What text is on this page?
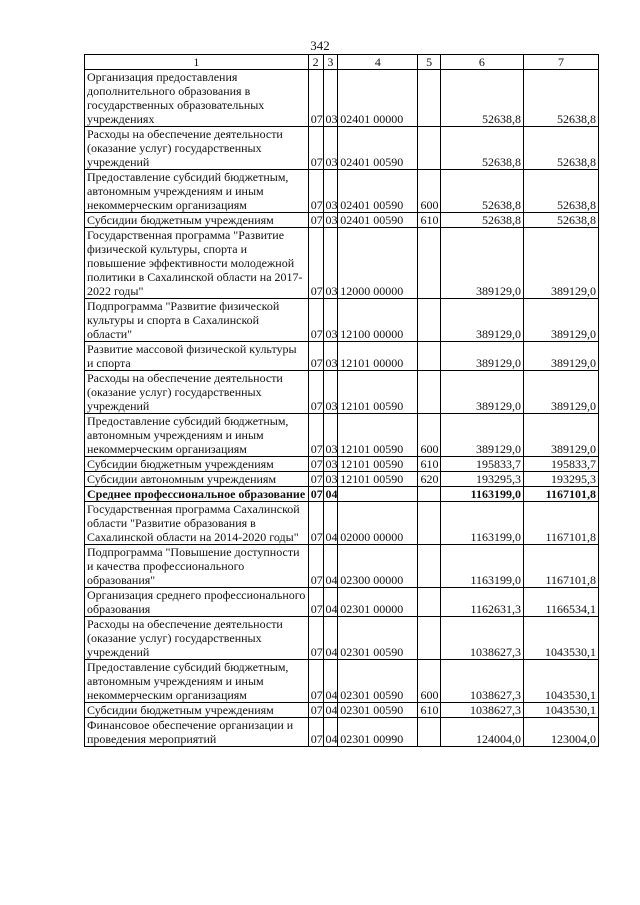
342
1	2	3	4	5	6	7
Организация предоставления дополнительного образования в государственных образовательных учреждениях	07	03	02401 00000		52638,8	52638,8
Расходы на обеспечение деятельности (оказание услуг) государственных учреждений	07	03	02401 00590		52638,8	52638,8
Предоставление субсидий бюджетным, автономным учреждениям и иным некоммерческим организациям	07	03	02401 00590	600	52638,8	52638,8
Субсидии бюджетным учреждениям	07	03	02401 00590	610	52638,8	52638,8
Государственная программа "Развитие физической культуры, спорта и повышение эффективности молодежной политики в Сахалинской области на 2017-2022 годы"	07	03	12000 00000		389129,0	389129,0
Подпрограмма "Развитие физической культуры и спорта в Сахалинской области"	07	03	12100 00000		389129,0	389129,0
Развитие массовой физической культуры и спорта	07	03	12101 00000		389129,0	389129,0
Расходы на обеспечение деятельности (оказание услуг) государственных учреждений	07	03	12101 00590		389129,0	389129,0
Предоставление субсидий бюджетным, автономным учреждениям и иным некоммерческим организациям	07	03	12101 00590	600	389129,0	389129,0
Субсидии бюджетным учреждениям	07	03	12101 00590	610	195833,7	195833,7
Субсидии автономным учреждениям	07	03	12101 00590	620	193295,3	193295,3
Среднее профессиональное образование	07	04			1163199,0	1167101,8
Государственная программа Сахалинской области "Развитие образования в Сахалинской области на 2014-2020 годы"	07	04	02000 00000		1163199,0	1167101,8
Подпрограмма "Повышение доступности и качества профессионального образования"	07	04	02300 00000		1163199,0	1167101,8
Организация среднего профессионального образования	07	04	02301 00000		1162631,3	1166534,1
Расходы на обеспечение деятельности (оказание услуг) государственных учреждений	07	04	02301 00590		1038627,3	1043530,1
Предоставление субсидий бюджетным, автономным учреждениям и иным некоммерческим организациям	07	04	02301 00590	600	1038627,3	1043530,1
Субсидии бюджетным учреждениям	07	04	02301 00590	610	1038627,3	1043530,1
Финансовое обеспечение организации и проведения мероприятий	07	04	02301 00990		124004,0	123004,0
